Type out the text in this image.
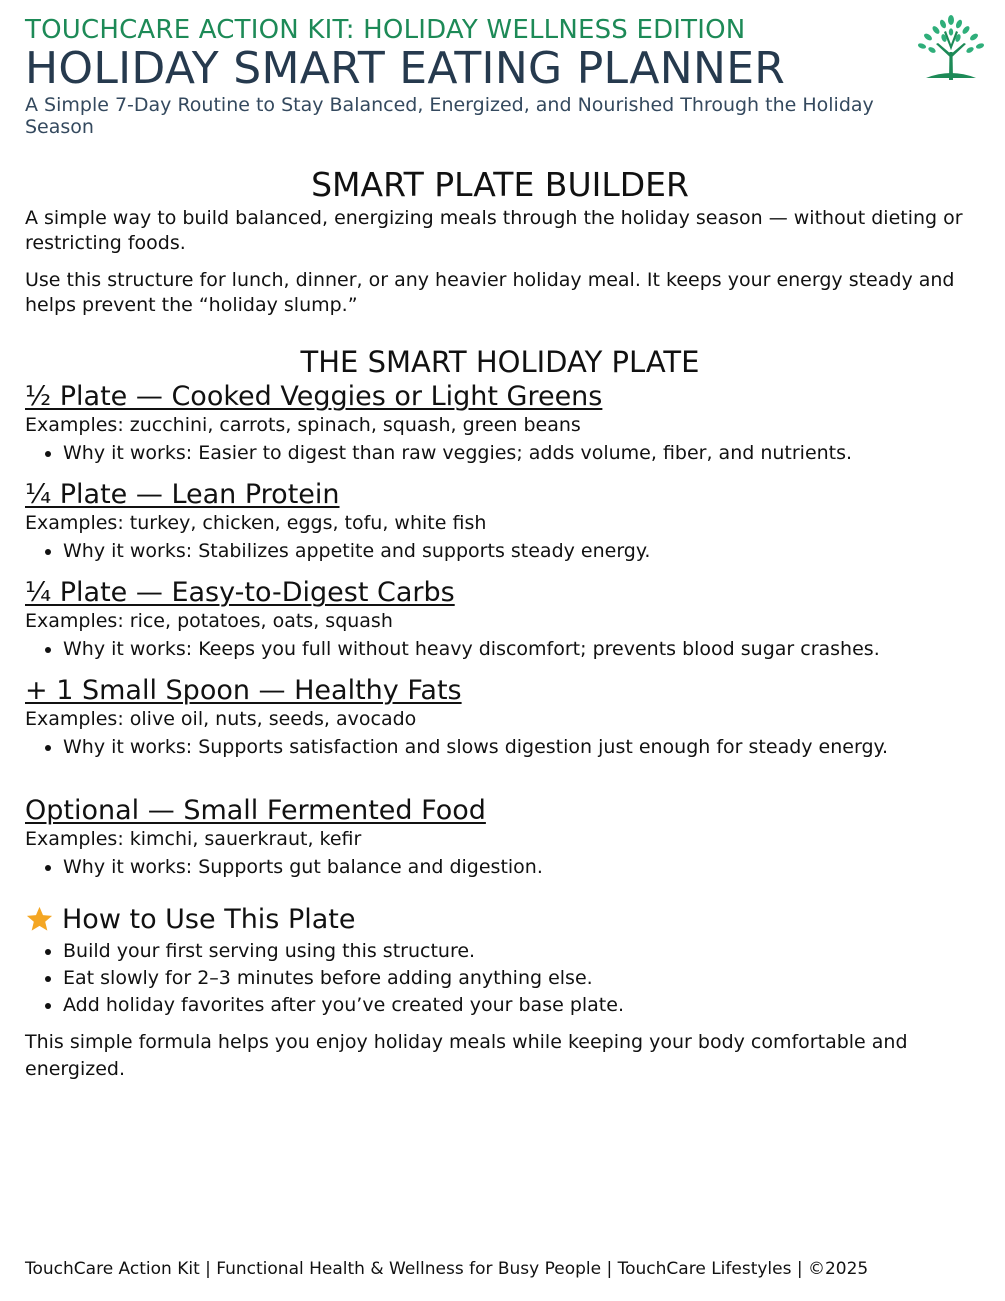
TOUCHCARE ACTION KIT: HOLIDAY WELLNESS EDITION
HOLIDAY SMART EATING PLANNER
A Simple 7-Day Routine to Stay Balanced, Energized, and Nourished Through the Holiday Season
SMART PLATE BUILDER

A simple way to build balanced, energizing meals through the holiday season — without dieting or restricting foods.

Use this structure for lunch, dinner, or any heavier holiday meal. It keeps your energy steady and helps prevent the “holiday slump.”

THE SMART HOLIDAY PLATE
½ Plate — Cooked Veggies or Light Greens
Examples: zucchini, carrots, spinach, squash, green beans
• Why it works: Easier to digest than raw veggies; adds volume, fiber, and nutrients.
¼ Plate — Lean Protein
Examples: turkey, chicken, eggs, tofu, white fish
• Why it works: Stabilizes appetite and supports steady energy.
¼ Plate — Easy-to-Digest Carbs
Examples: rice, potatoes, oats, squash
• Why it works: Keeps you full without heavy discomfort; prevents blood sugar crashes.
+ 1 Small Spoon — Healthy Fats
Examples: olive oil, nuts, seeds, avocado
• Why it works: Supports satisfaction and slows digestion just enough for steady energy.
Optional — Small Fermented Food
Examples: kimchi, sauerkraut, kefir
• Why it works: Supports gut balance and digestion.
How to Use This Plate
• Build your first serving using this structure.
• Eat slowly for 2–3 minutes before adding anything else.
• Add holiday favorites after you’ve created your base plate.
This simple formula helps you enjoy holiday meals while keeping your body comfortable and energized.
TouchCare Action Kit | Functional Health & Wellness for Busy People | TouchCare Lifestyles | ©2025
